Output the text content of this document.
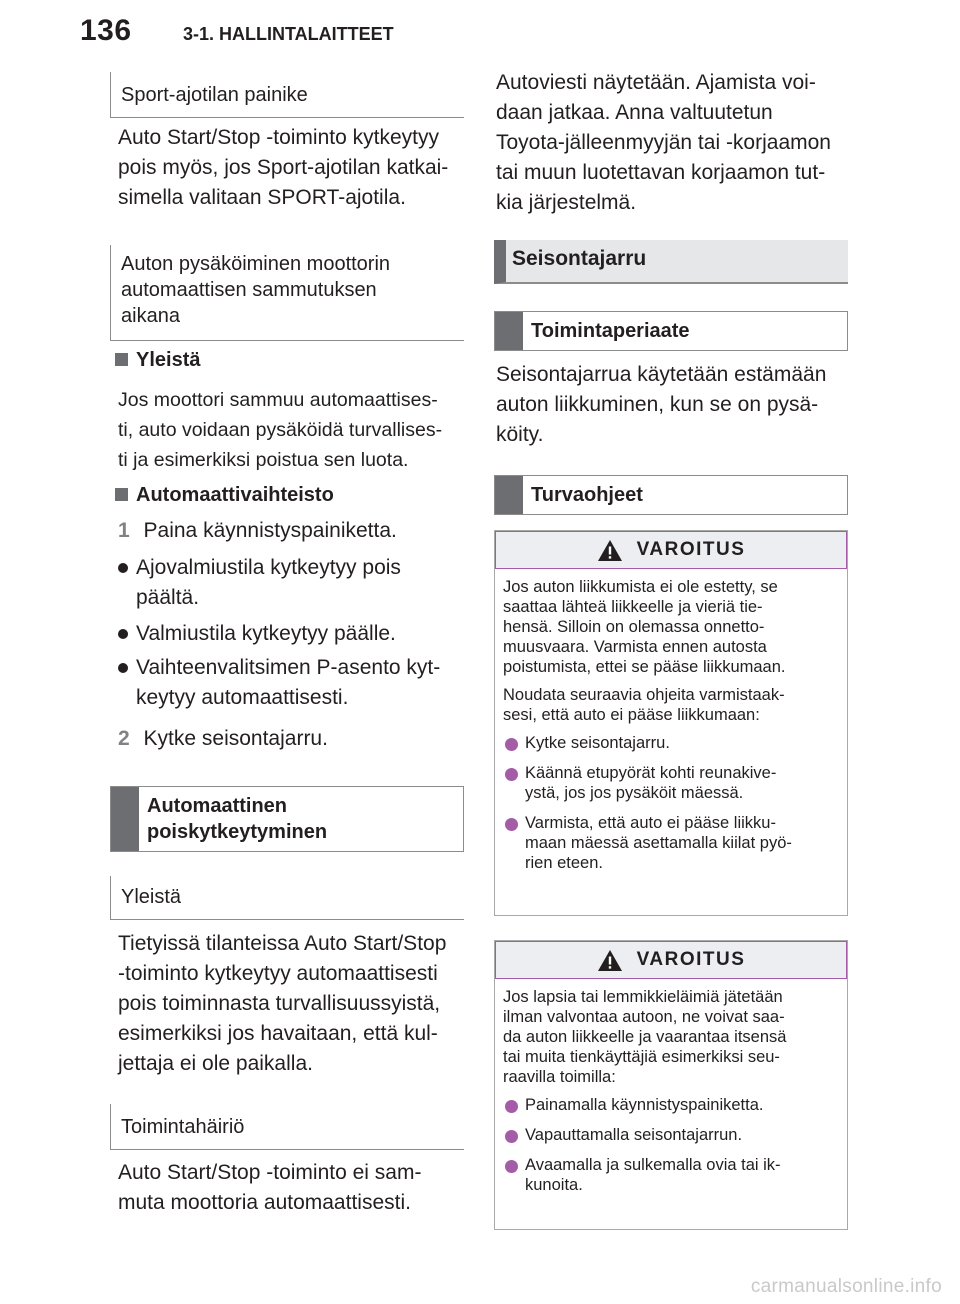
136	3-1. HALLINTALAITTEET
Sport-ajotilan painike
Auto Start/Stop -toiminto kytkeytyy
pois myös, jos Sport-ajotilan katkai-
simella valitaan SPORT-ajotila.
Auton pysäköiminen moottorin
automaattisen sammutuksen
aikana
Yleistä
Jos moottori sammuu automaattises-
ti, auto voidaan pysäköidä turvallises-
ti ja esimerkiksi poistua sen luota.
Automaattivaihteisto
1 Paina käynnistyspainiketta.
Ajovalmiustila kytkeytyy pois
päältä.
Valmiustila kytkeytyy päälle.
Vaihteenvalitsimen P-asento kyt-
keytyy automaattisesti.
2 Kytke seisontajarru.
Automaattinen
poiskytkeytyminen
Yleistä
Tietyissä tilanteissa Auto Start/Stop
-toiminto kytkeytyy automaattisesti
pois toiminnasta turvallisuussyistä,
esimerkiksi jos havaitaan, että kul-
jettaja ei ole paikalla.
Toimintahäiriö
Auto Start/Stop -toiminto ei sam-
muta moottoria automaattisesti.
Autoviesti näytetään. Ajamista voi-
daan jatkaa. Anna valtuutetun
Toyota-jälleenmyyjän tai -korjaamon
tai muun luotettavan korjaamon tut-
kia järjestelmä.
Seisontajarru
Toimintaperiaate
Seisontajarrua käytetään estämään
auton liikkuminen, kun se on pysä-
köity.
Turvaohjeet
VAROITUS

Jos auton liikkumista ei ole estetty, se
saattaa lähteä liikkeelle ja vieriä tie-
hensä. Silloin on olemassa onnetto-
muusvaara. Varmista ennen autosta
poistumista, ettei se pääse liikkumaan.

Noudata seuraavia ohjeita varmistaak-
sesi, että auto ei pääse liikkumaan:

Kytke seisontajarru.
Käännä etupyörät kohti reunakive-
ystä, jos jos pysäköit mäessä.
Varmista, että auto ei pääse liikku-
maan mäessä asettamalla kiilat pyö-
rien eteen.
VAROITUS

Jos lapsia tai lemmikkieläimiä jätetään
ilman valvontaa autoon, ne voivat saa-
da auton liikkeelle ja vaarantaa itsensä
tai muita tienkäyttäjiä esimerkiksi seu-
raavilla toimilla:

Painamalla käynnistyspainiketta.
Vapauttamalla seisontajarrun.
Avaamalla ja sulkemalla ovia tai ik-
kunoita.
carmanualsonline.info
